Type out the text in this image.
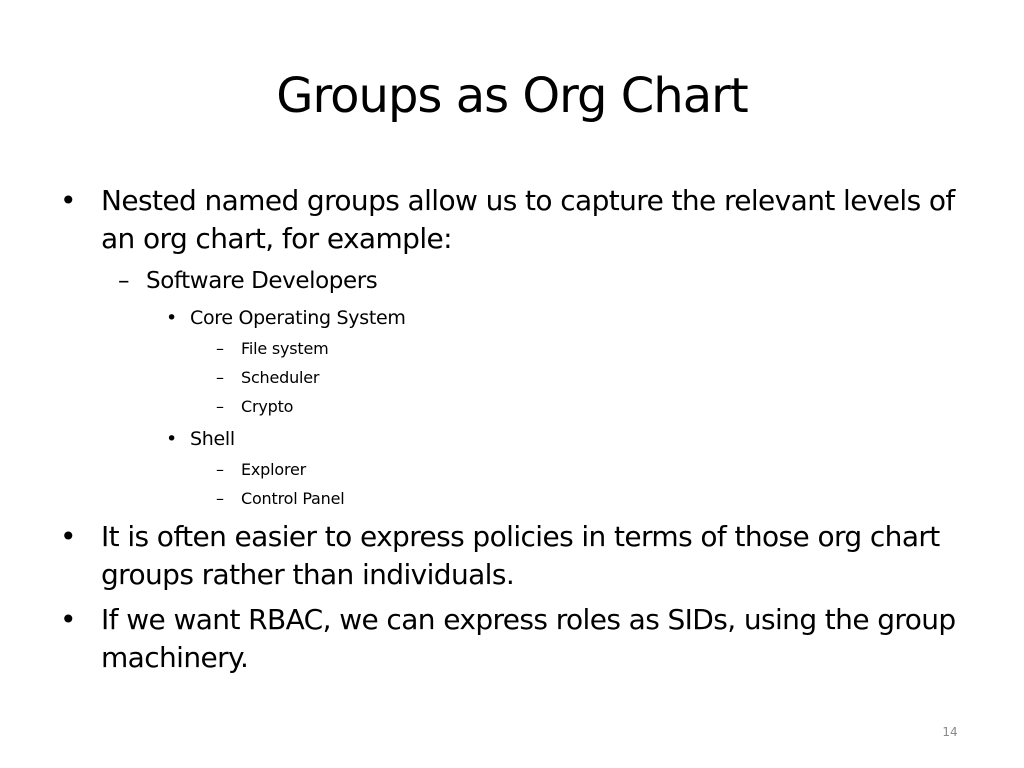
Groups as Org Chart
• Nested named groups allow us to capture the relevant levels of an org chart, for example:
– Software Developers
• Core Operating System
– File system
– Scheduler
– Crypto
• Shell
– Explorer
– Control Panel
• It is often easier to express policies in terms of those org chart groups rather than individuals.
• If we want RBAC, we can express roles as SIDs, using the group machinery.
14
